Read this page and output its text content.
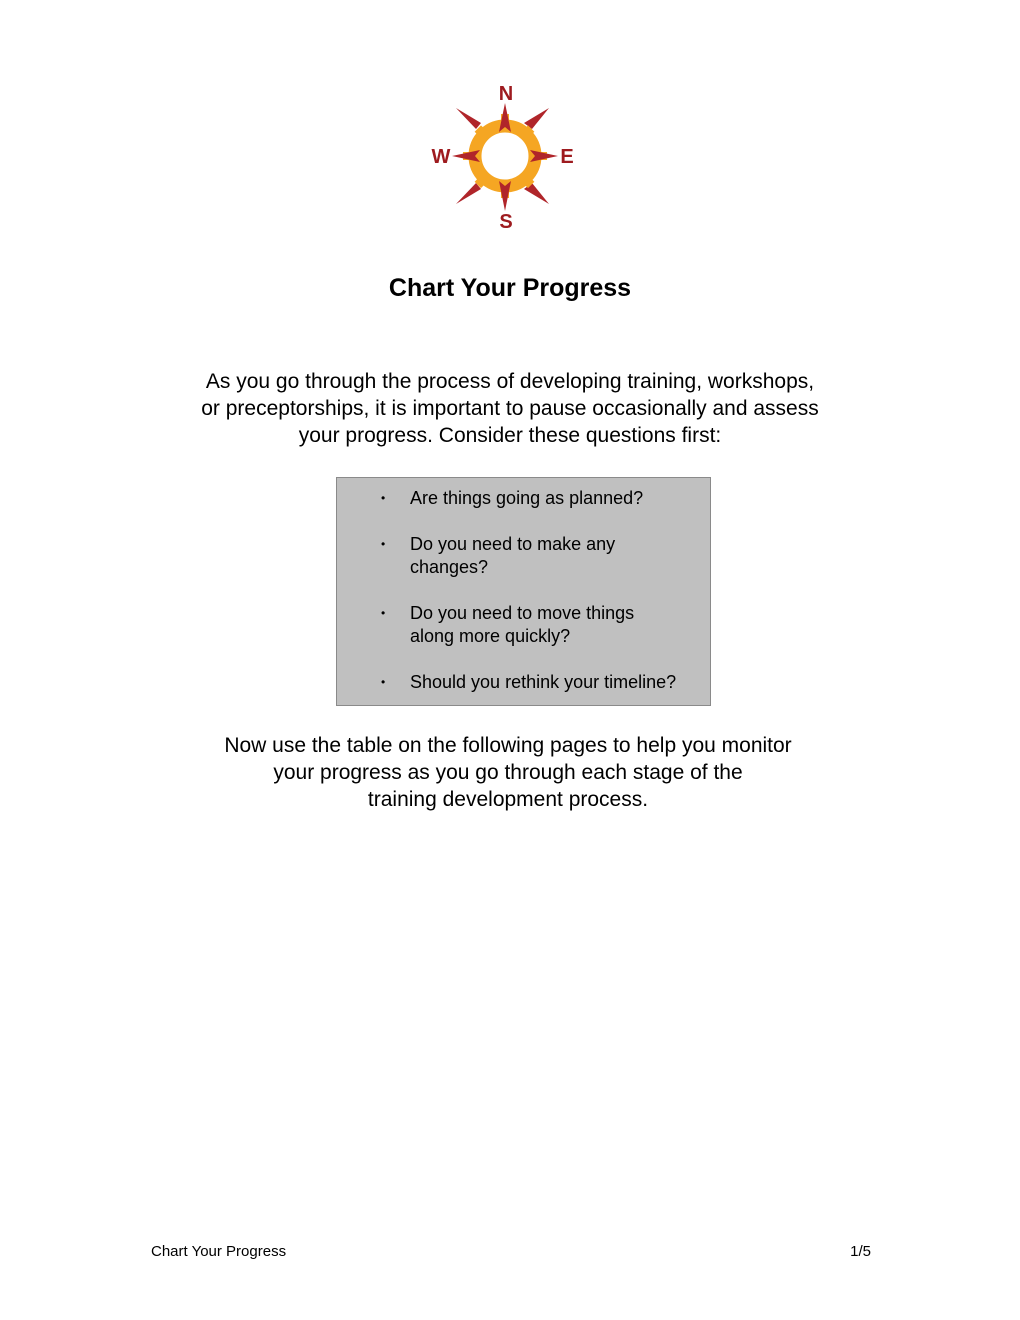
N
S
W	E
Chart Your Progress

As you go through the process of developing training, workshops,
or preceptorships, it is important to pause occasionally and assess
your progress. Consider these questions first:

• Are things going as planned?
• Do you need to make any
changes?
• Do you need to move things
along more quickly?
• Should you rethink your timeline?

Now use the table on the following pages to help you monitor
your progress as you go through each stage of the
training development process.

Chart Your Progress	1/5
